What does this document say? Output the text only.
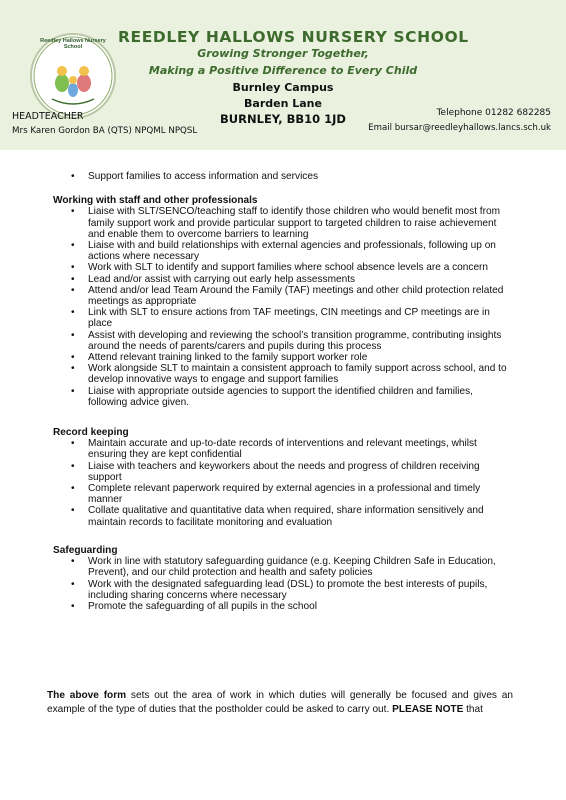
Reedley Hallows Nursery School
REEDLEY HALLOWS NURSERY SCHOOL
Growing Stronger Together,
Making a Positive Difference to Every Child
Burnley Campus
Barden Lane
BURNLEY, BB10 1JD
HEADTEACHER
Mrs Karen Gordon BA (QTS) NPQML NPQSL
Telephone 01282 682285
Email bursar@reedleyhallows.lancs.sch.uk
• Support families to access information and services
Working with staff and other professionals
• Liaise with SLT/SENCO/teaching staff to identify those children who would benefit most from family support work and provide particular support to targeted children to raise achievement and enable them to overcome barriers to learning
• Liaise with and build relationships with external agencies and professionals, following up on actions where necessary
• Work with SLT to identify and support families where school absence levels are a concern
• Lead and/or assist with carrying out early help assessments
• Attend and/or lead Team Around the Family (TAF) meetings and other child protection related meetings as appropriate
• Link with SLT to ensure actions from TAF meetings, CIN meetings and CP meetings are in place
• Assist with developing and reviewing the school’s transition programme, contributing insights around the needs of parents/carers and pupils during this process
• Attend relevant training linked to the family support worker role
• Work alongside SLT to maintain a consistent approach to family support across school, and to develop innovative ways to engage and support families
• Liaise with appropriate outside agencies to support the identified children and families, following advice given.
Record keeping
• Maintain accurate and up-to-date records of interventions and relevant meetings, whilst ensuring they are kept confidential
• Liaise with teachers and keyworkers about the needs and progress of children receiving support
• Complete relevant paperwork required by external agencies in a professional and timely manner
• Collate qualitative and quantitative data when required, share information sensitively and maintain records to facilitate monitoring and evaluation
Safeguarding
• Work in line with statutory safeguarding guidance (e.g. Keeping Children Safe in Education, Prevent), and our child protection and health and safety policies
• Work with the designated safeguarding lead (DSL) to promote the best interests of pupils, including sharing concerns where necessary
• Promote the safeguarding of all pupils in the school
The above form sets out the area of work in which duties will generally be focused and gives an example of the type of duties that the postholder could be asked to carry out. PLEASE NOTE that
